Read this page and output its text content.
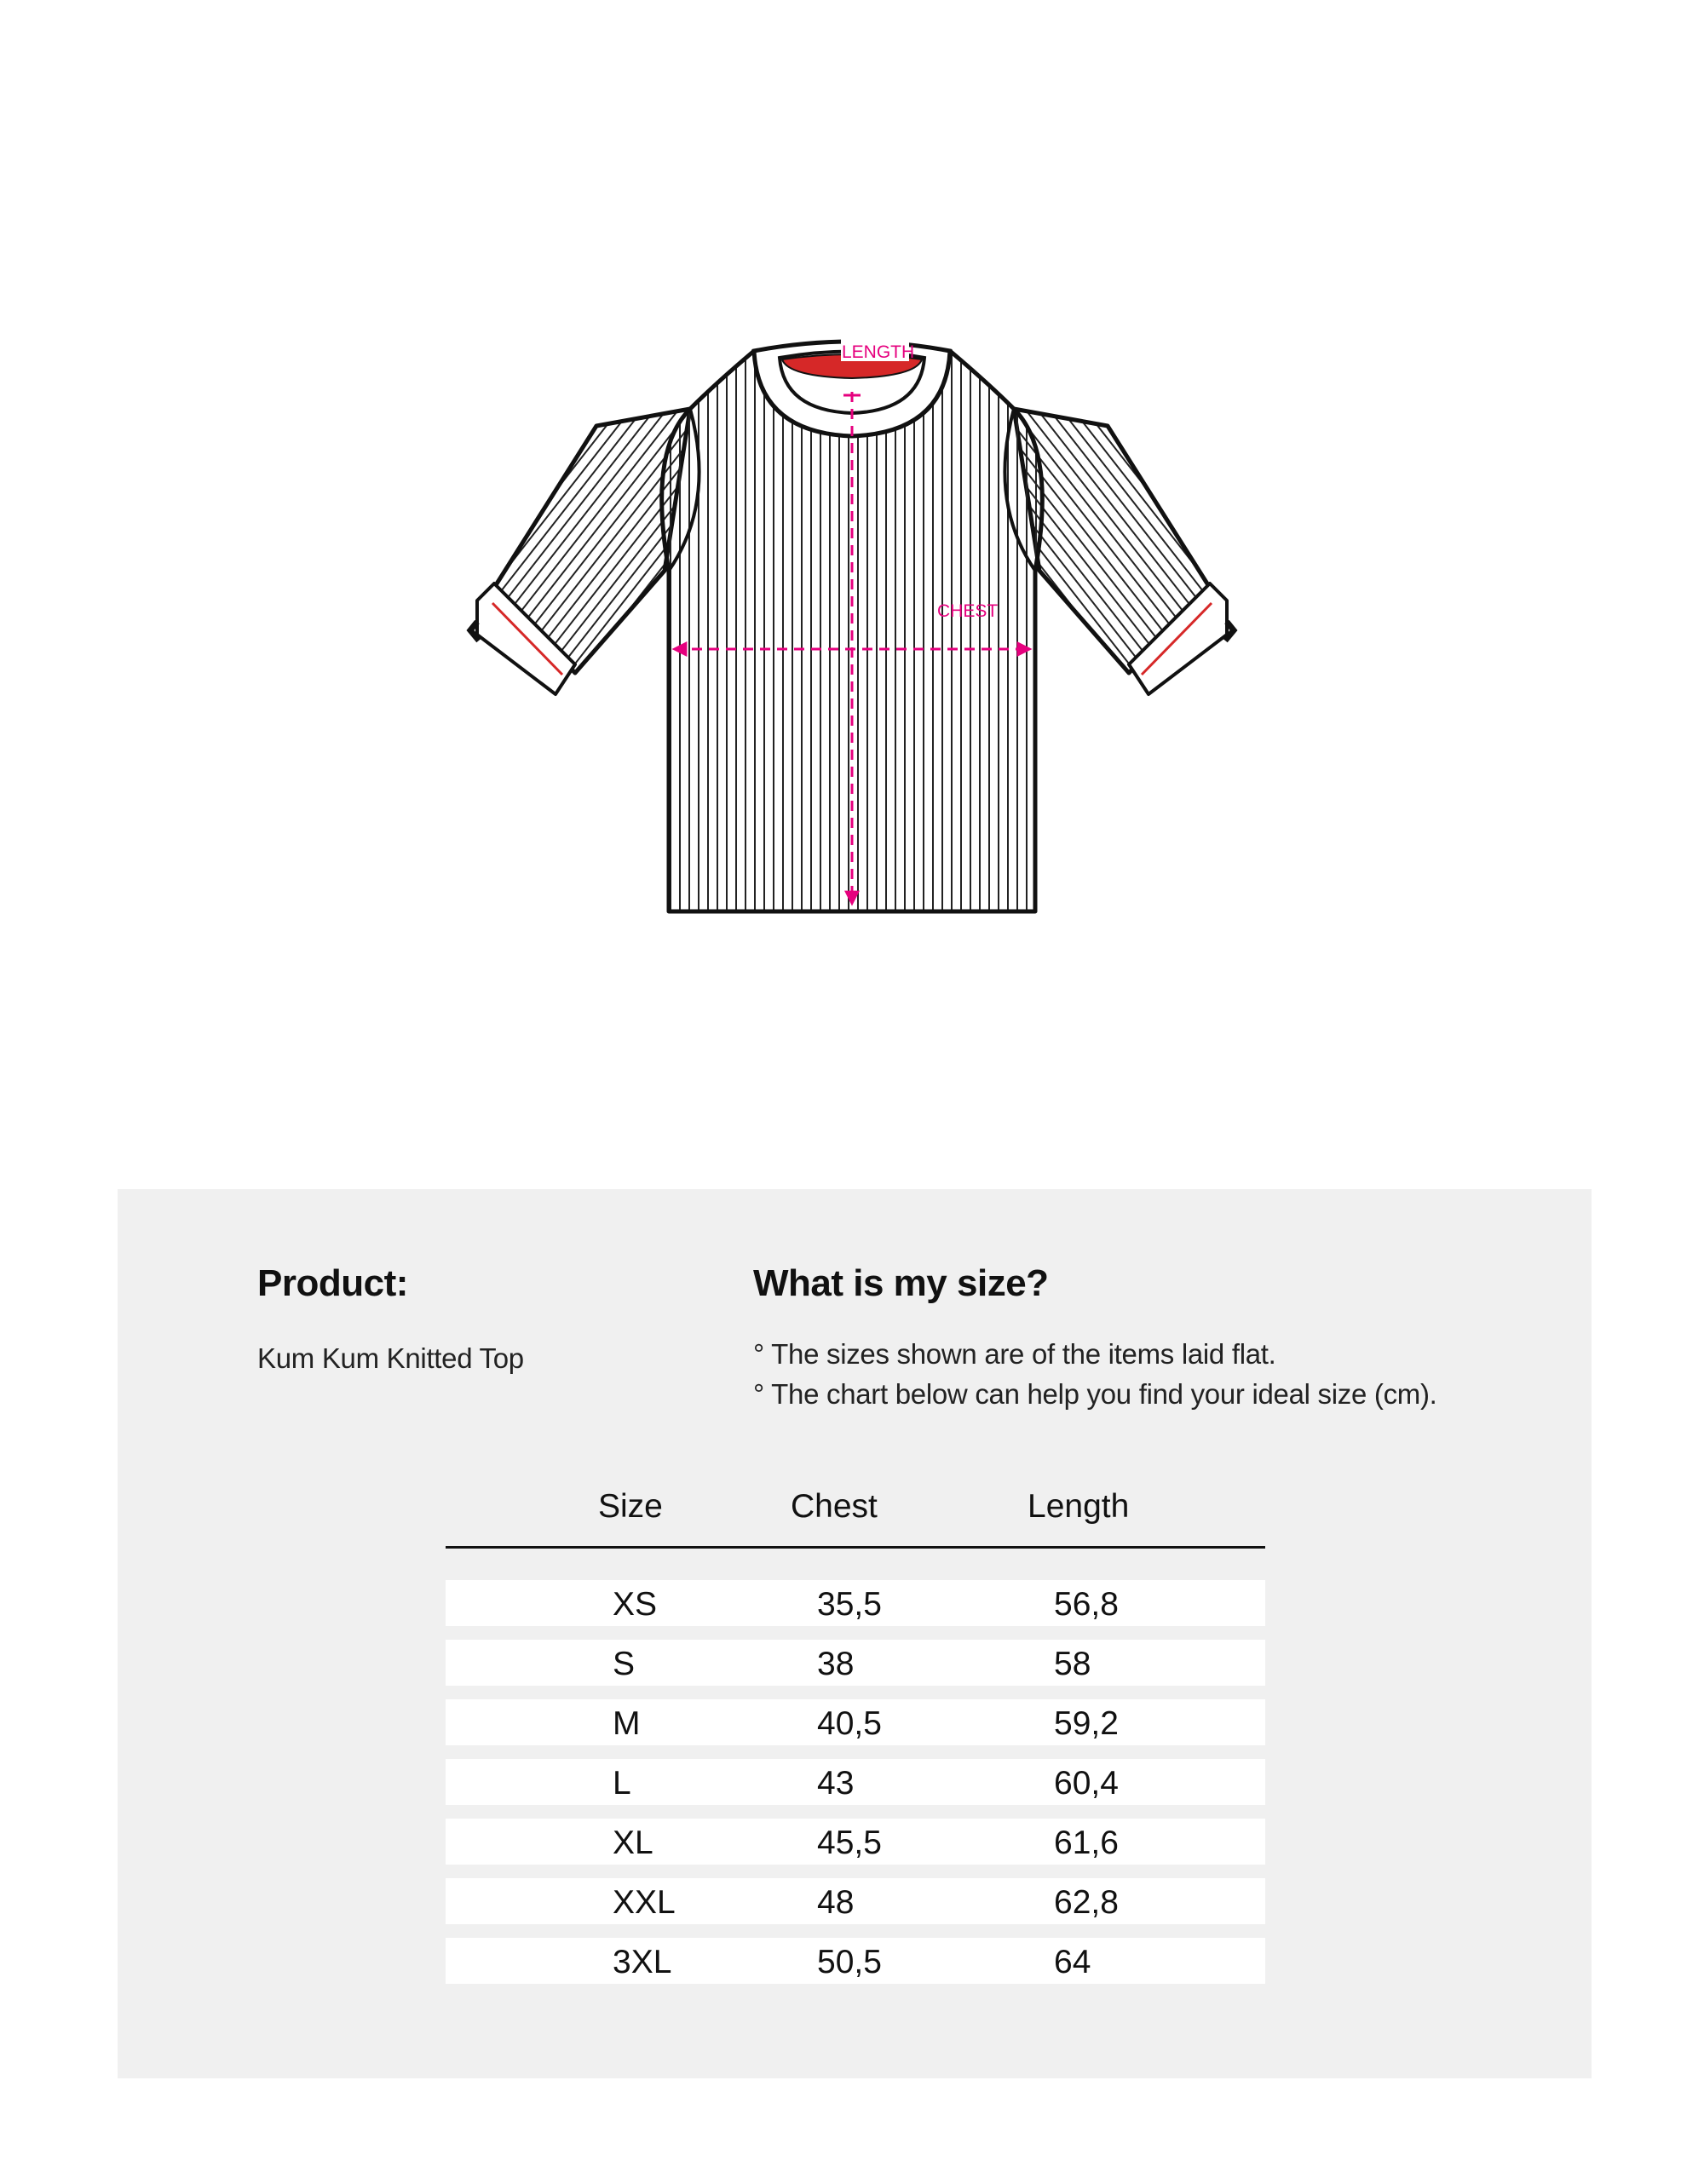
LENGTH
CHEST
Product:
Kum Kum Knitted Top
What is my size?
° The sizes shown are of the items laid flat.
° The chart below can help you find your ideal size (cm).
Size	Chest	Length
XS	35,5	56,8
S	38	58
M	40,5	59,2
L	43	60,4
XL	45,5	61,6
XXL	48	62,8
3XL	50,5	64
